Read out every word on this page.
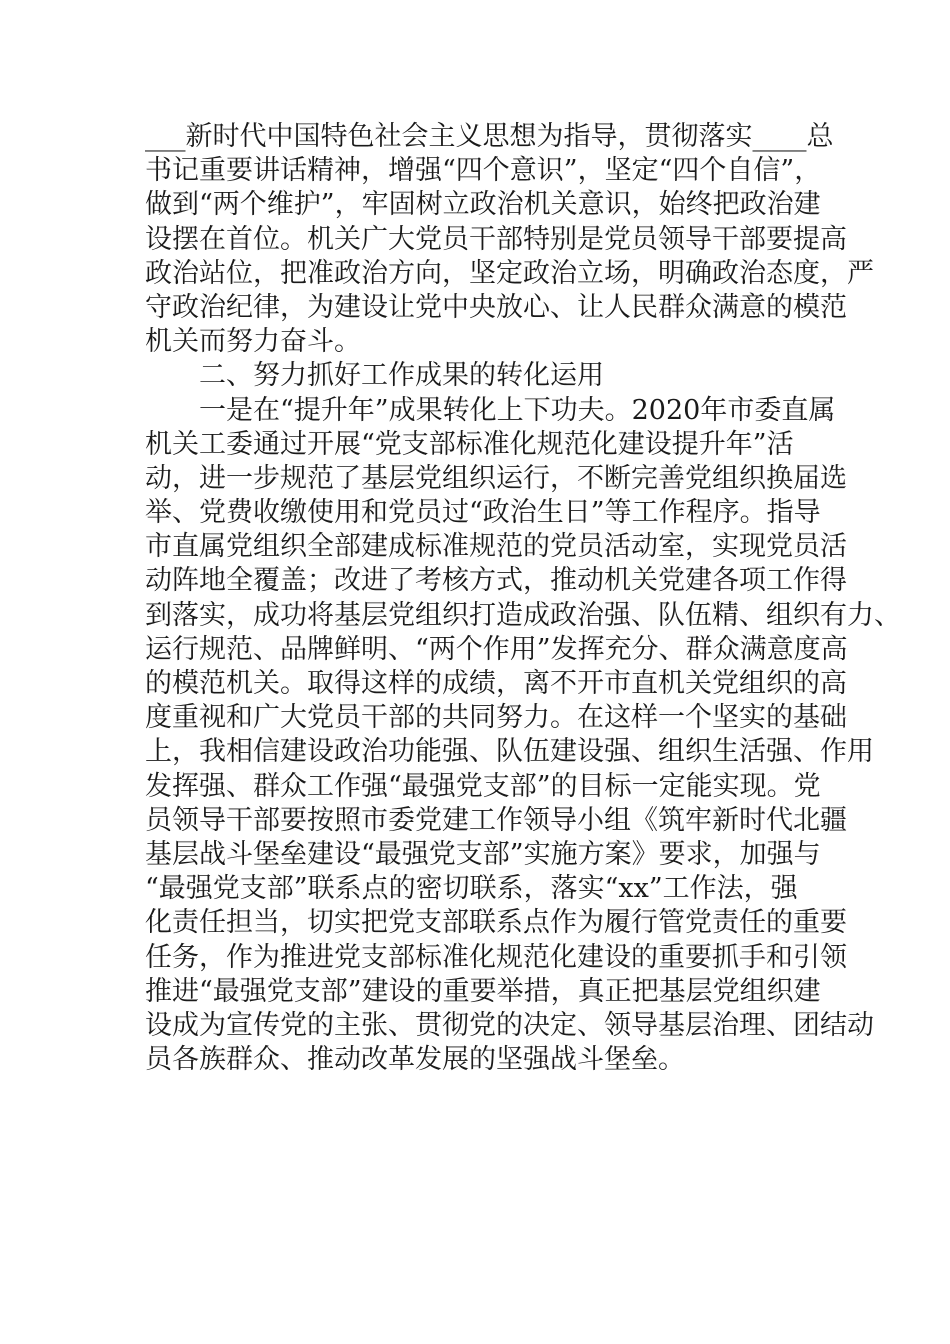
___新时代中国特色社会主义思想为指导，贯彻落实____总
书记重要讲话精神，增强“四个意识”，坚定“四个自信”，
做到“两个维护”，牢固树立政治机关意识，始终把政治建
设摆在首位。机关广大党员干部特别是党员领导干部要提高
政治站位，把准政治方向，坚定政治立场，明确政治态度，严
守政治纪律，为建设让党中央放心、让人民群众满意的模范
机关而努力奋斗。
二、努力抓好工作成果的转化运用
一是在“提升年”成果转化上下功夫。2020年市委直属
机关工委通过开展“党支部标准化规范化建设提升年”活
动，进一步规范了基层党组织运行，不断完善党组织换届选
举、党费收缴使用和党员过“政治生日”等工作程序。指导
市直属党组织全部建成标准规范的党员活动室，实现党员活
动阵地全覆盖；改进了考核方式，推动机关党建各项工作得
到落实，成功将基层党组织打造成政治强、队伍精、组织有力、
运行规范、品牌鲜明、“两个作用”发挥充分、群众满意度高
的模范机关。取得这样的成绩，离不开市直机关党组织的高
度重视和广大党员干部的共同努力。在这样一个坚实的基础
上，我相信建设政治功能强、队伍建设强、组织生活强、作用
发挥强、群众工作强“最强党支部”的目标一定能实现。党
员领导干部要按照市委党建工作领导小组《筑牢新时代北疆
基层战斗堡垒建设“最强党支部”实施方案》要求，加强与
“最强党支部”联系点的密切联系，落实“xx”工作法，强
化责任担当，切实把党支部联系点作为履行管党责任的重要
任务，作为推进党支部标准化规范化建设的重要抓手和引领
推进“最强党支部”建设的重要举措，真正把基层党组织建
设成为宣传党的主张、贯彻党的决定、领导基层治理、团结动
员各族群众、推动改革发展的坚强战斗堡垒。
